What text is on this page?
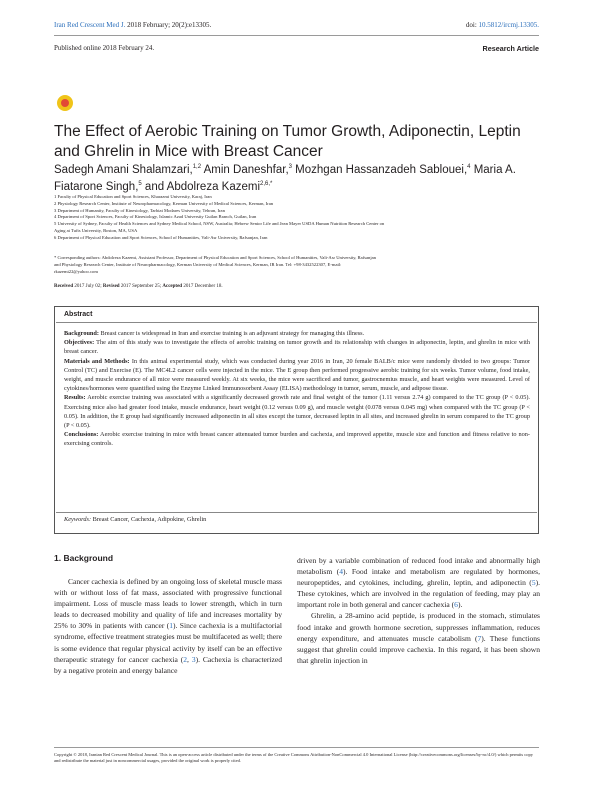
Iran Red Crescent Med J. 2018 February; 20(2):e13305.	doi: 10.5812/ircmj.13305.
Published online 2018 February 24.	Research Article
The Effect of Aerobic Training on Tumor Growth, Adiponectin, Leptin and Ghrelin in Mice with Breast Cancer
Sadegh Amani Shalamzari,$^{1,2}$ Amin Daneshfar,$^3$ Mozhgan Hassanzadeh Sablouei,$^4$ Maria A. Fiatarone Singh,$^5$ and Abdolreza Kazemi$^{2,6,*}$
1 Faculty of Physical Education and Sport Sciences, Kharazmi University, Karaj, Iran
2 Physiology Research Center, Institute of Neuropharmacology, Kerman University of Medical Sciences, Kerman, Iran
3 Department of Humanity, Faculty of Kinesiology, Tarbiat Modares University, Tehran, Iran
4 Department of Sport Sciences, Faculty of Kinesiology, Islamic Azad University Guilan Branch, Guilan, Iran
5 University of Sydney, Faculty of Health Sciences and Sydney Medical School, NSW, Australia; Hebrew Senior Life and Jean Mayer USDA Human Nutrition Research Center on
Aging at Tufts University, Boston, MA, USA
6 Department of Physical Education and Sport Sciences, School of Humanities, Vali-Asr University, Rafsanjan, Iran
* Corresponding authors: Abdolreza Kazemi, Assistant Professor, Department of Physical Education and Sport Sciences, School of Humanities, Vali-Asr University, Rafsanjan
and Physiology Research Center, Institute of Neuropharmacology, Kerman University of Medical Sciences, Kerman, IR Iran. Tel: +98-3432522307, E-mail:
rkazemi22@yahoo.com
Received 2017 July 02; Revised 2017 September 25; Accepted 2017 December 18.
Abstract

Background: Breast cancer is widespread in Iran and exercise training is an adjuvant strategy for managing this illness.

Objectives: The aim of this study was to investigate the effects of aerobic training on tumor growth and its relationship with changes in adiponectin, leptin, and ghrelin in mice with breast cancer.

Materials and Methods: In this animal experimental study, which was conducted during year 2016 in Iran, 20 female BALB/c mice were randomly divided to two groups: Tumor Control (TC) and Exercise (E). The MC4L2 cancer cells were injected in the mice. The E group then performed progressive aerobic training for six weeks. Tumor volume, food intake, weight, and muscle endurance of all mice were measured weekly. At six weeks, the mice were sacrificed and tumor, gastrocnemius muscle, and heart weights were measured. Level of cytokines/hormones were quantified using the Enzyme Linked Immunosorbent Assay (ELISA) methodology in tumor, serum, muscle, and adipose tissue.

Results: Aerobic exercise training was associated with a significantly decreased growth rate and final weight of the tumor (1.11 versus 2.74 g) compared to the TC group (P < 0.05). Exercising mice also had greater food intake, muscle endurance, heart weight (0.12 versus 0.09 g), and muscle weight (0.078 versus 0.045 mg) when compared with the TC group (P < 0.05). In addition, the E group had significantly increased adiponectin in all sites except the tumor, decreased leptin in all sites, and increased ghrelin in serum compared to the TC group (P < 0.05).

Conclusions: Aerobic exercise training in mice with breast cancer attenuated tumor burden and cachexia, and improved appetite, muscle size and function and fitness relative to non-exercising controls.

Keywords: Breast Cancer, Cachexia, Adipokine, Ghrelin
1. Background

Cancer cachexia is defined by an ongoing loss of skeletal muscle mass with or without loss of fat mass, associated with progressive functional impairment. Loss of muscle mass leads to lower strength, which in turn leads to decreased mobility and quality of life and increases mortality by 25% to 30% in patients with cancer (1). Since cachexia is a multifactorial syndrome, effective treatment strategies must be multifaceted as well; there is some evidence that regular physical activity by itself can be an effective therapeutic strategy for cancer cachexia (2, 3). Cachexia is characterized by a negative protein and energy balance

driven by a variable combination of reduced food intake and abnormally high metabolism (4). Food intake and metabolism are regulated by hormones, neuropeptides, and cytokines, including, ghrelin, leptin, and adiponectin (5). These cytokines, which are involved in the regulation of feeding, may play an important role in both general and cancer cachexia (6).

Ghrelin, a 28-amino acid peptide, is produced in the stomach, stimulates food intake and growth hormone secretion, suppresses inflammation, reduces energy expenditure, and attenuates muscle catabolism (7). These functions suggest that ghrelin could improve cachexia. In this regard, it has been shown that ghrelin injection in

Copyright © 2018, Iranian Red Crescent Medical Journal. This is an open-access article distributed under the terms of the Creative Commons Attribution-NonCommercial 4.0 International License (http://creativecommons.org/licenses/by-nc/4.0/) which permits copy and redistribute the material just in noncommercial usages, provided the original work is properly cited.
